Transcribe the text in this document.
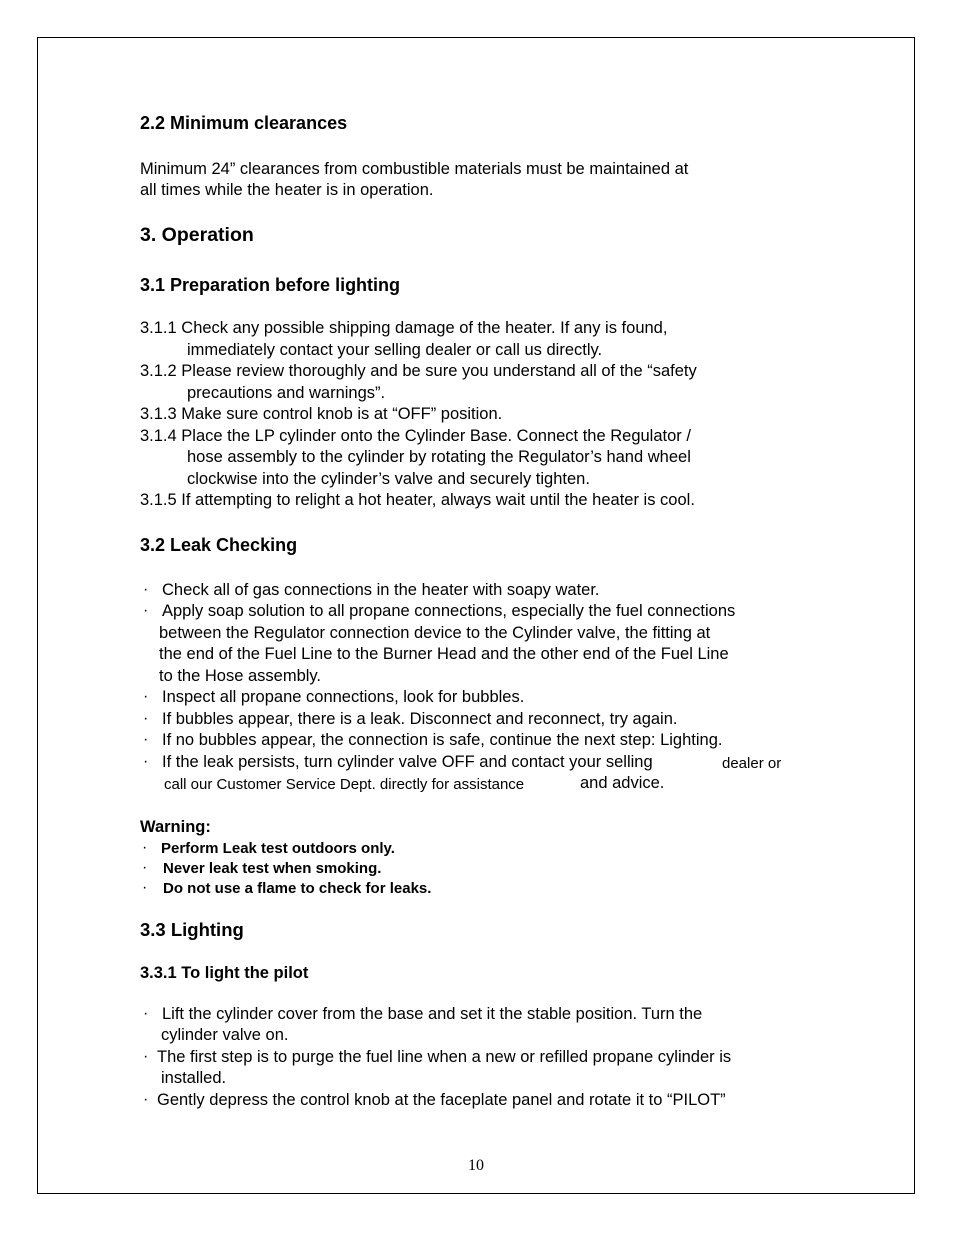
2.2 Minimum clearances
Minimum 24” clearances from combustible materials must be maintained at
all times while the heater is in operation.
3. Operation
3.1 Preparation before lighting
3.1.1 Check any possible shipping damage of the heater. If any is found,
immediately contact your selling dealer or call us directly.
3.1.2 Please review thoroughly and be sure you understand all of the “safety
precautions and warnings”.
3.1.3 Make sure control knob is at “OFF” position.
3.1.4 Place the LP cylinder onto the Cylinder Base. Connect the Regulator /
hose assembly to the cylinder by rotating the Regulator’s hand wheel
clockwise into the cylinder’s valve and securely tighten.
3.1.5 If attempting to relight a hot heater, always wait until the heater is cool.
3.2 Leak Checking
· Check all of gas connections in the heater with soapy water.
· Apply soap solution to all propane connections, especially the fuel connections
between the Regulator connection device to the Cylinder valve, the fitting at
the end of the Fuel Line to the Burner Head and the other end of the Fuel Line
to the Hose assembly.
· Inspect all propane connections, look for bubbles.
· If bubbles appear, there is a leak. Disconnect and reconnect, try again.
· If no bubbles appear, the connection is safe, continue the next step: Lighting.
· If the leak persists, turn cylinder valve OFF and contact your selling	dealer or
call our Customer Service Dept. directly for assistance	and advice.
Warning:
· Perform Leak test outdoors only.
· Never leak test when smoking.
· Do not use a flame to check for leaks.
3.3 Lighting
3.3.1 To light the pilot
· Lift the cylinder cover from the base and set it the stable position. Turn the
cylinder valve on.
· The first step is to purge the fuel line when a new or refilled propane cylinder is
installed.
· Gently depress the control knob at the faceplate panel and rotate it to “PILOT”
10
